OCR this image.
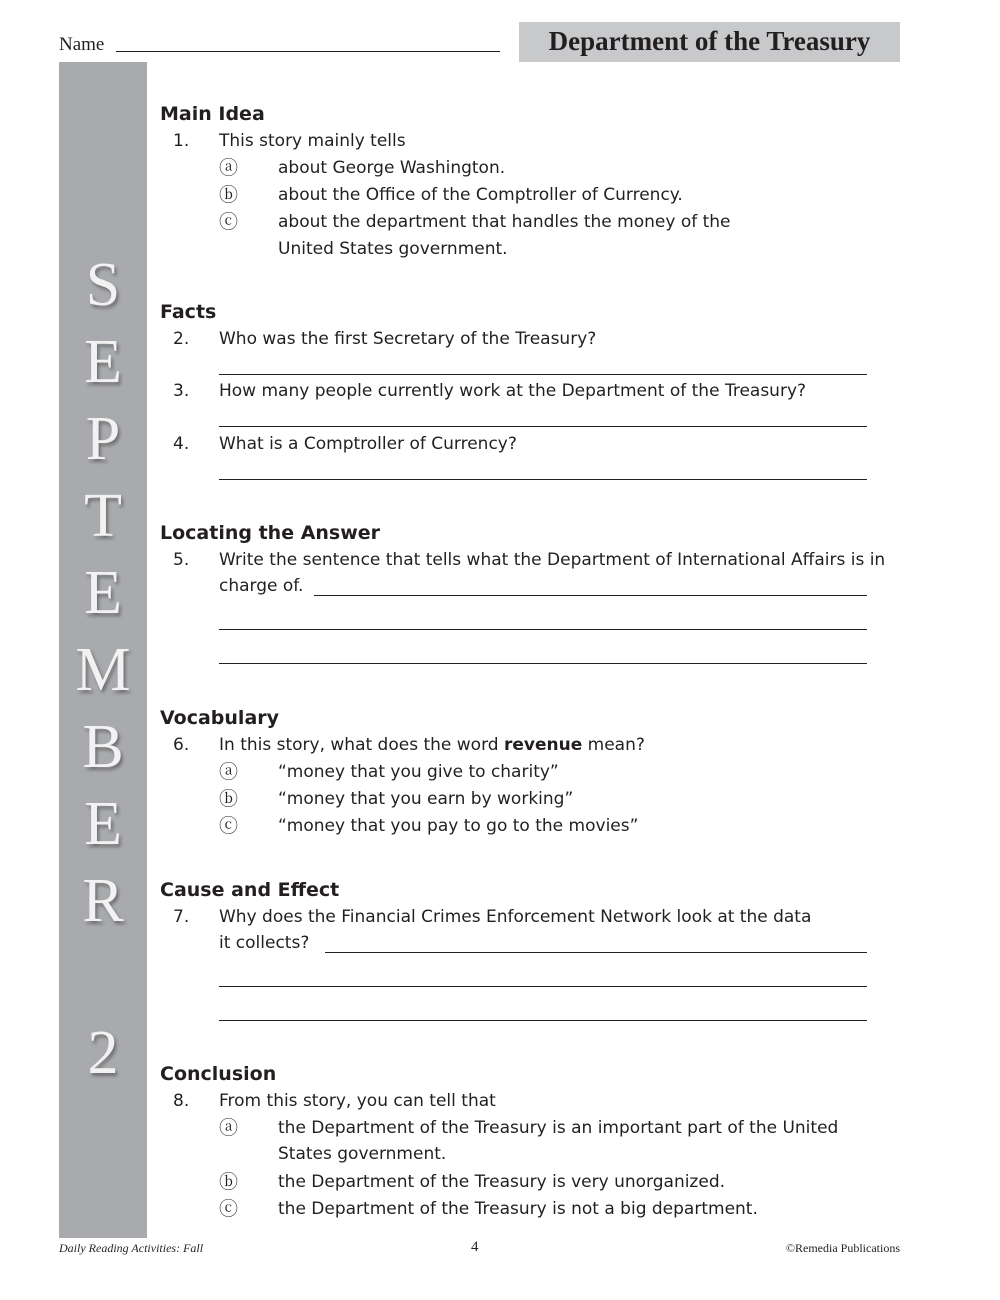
Name	Department of the Treasury
S
E
P
T
E
M
B
E
R
2
Main Idea
1. This story mainly tells
ⓐ about George Washington.
ⓑ about the Office of the Comptroller of Currency.
ⓒ about the department that handles the money of the
United States government.
Facts
2. Who was the first Secretary of the Treasury?
3. How many people currently work at the Department of the Treasury?
4. What is a Comptroller of Currency?
Locating the Answer
5. Write the sentence that tells what the Department of International Affairs is in
charge of.
Vocabulary
6. In this story, what does the word revenue mean?
ⓐ “money that you give to charity”
ⓑ “money that you earn by working”
ⓒ “money that you pay to go to the movies”
Cause and Effect
7. Why does the Financial Crimes Enforcement Network look at the data
it collects?
Conclusion
8. From this story, you can tell that
ⓐ the Department of the Treasury is an important part of the United
States government.
ⓑ the Department of the Treasury is very unorganized.
ⓒ the Department of the Treasury is not a big department.
Daily Reading Activities: Fall	4	©Remedia Publications
